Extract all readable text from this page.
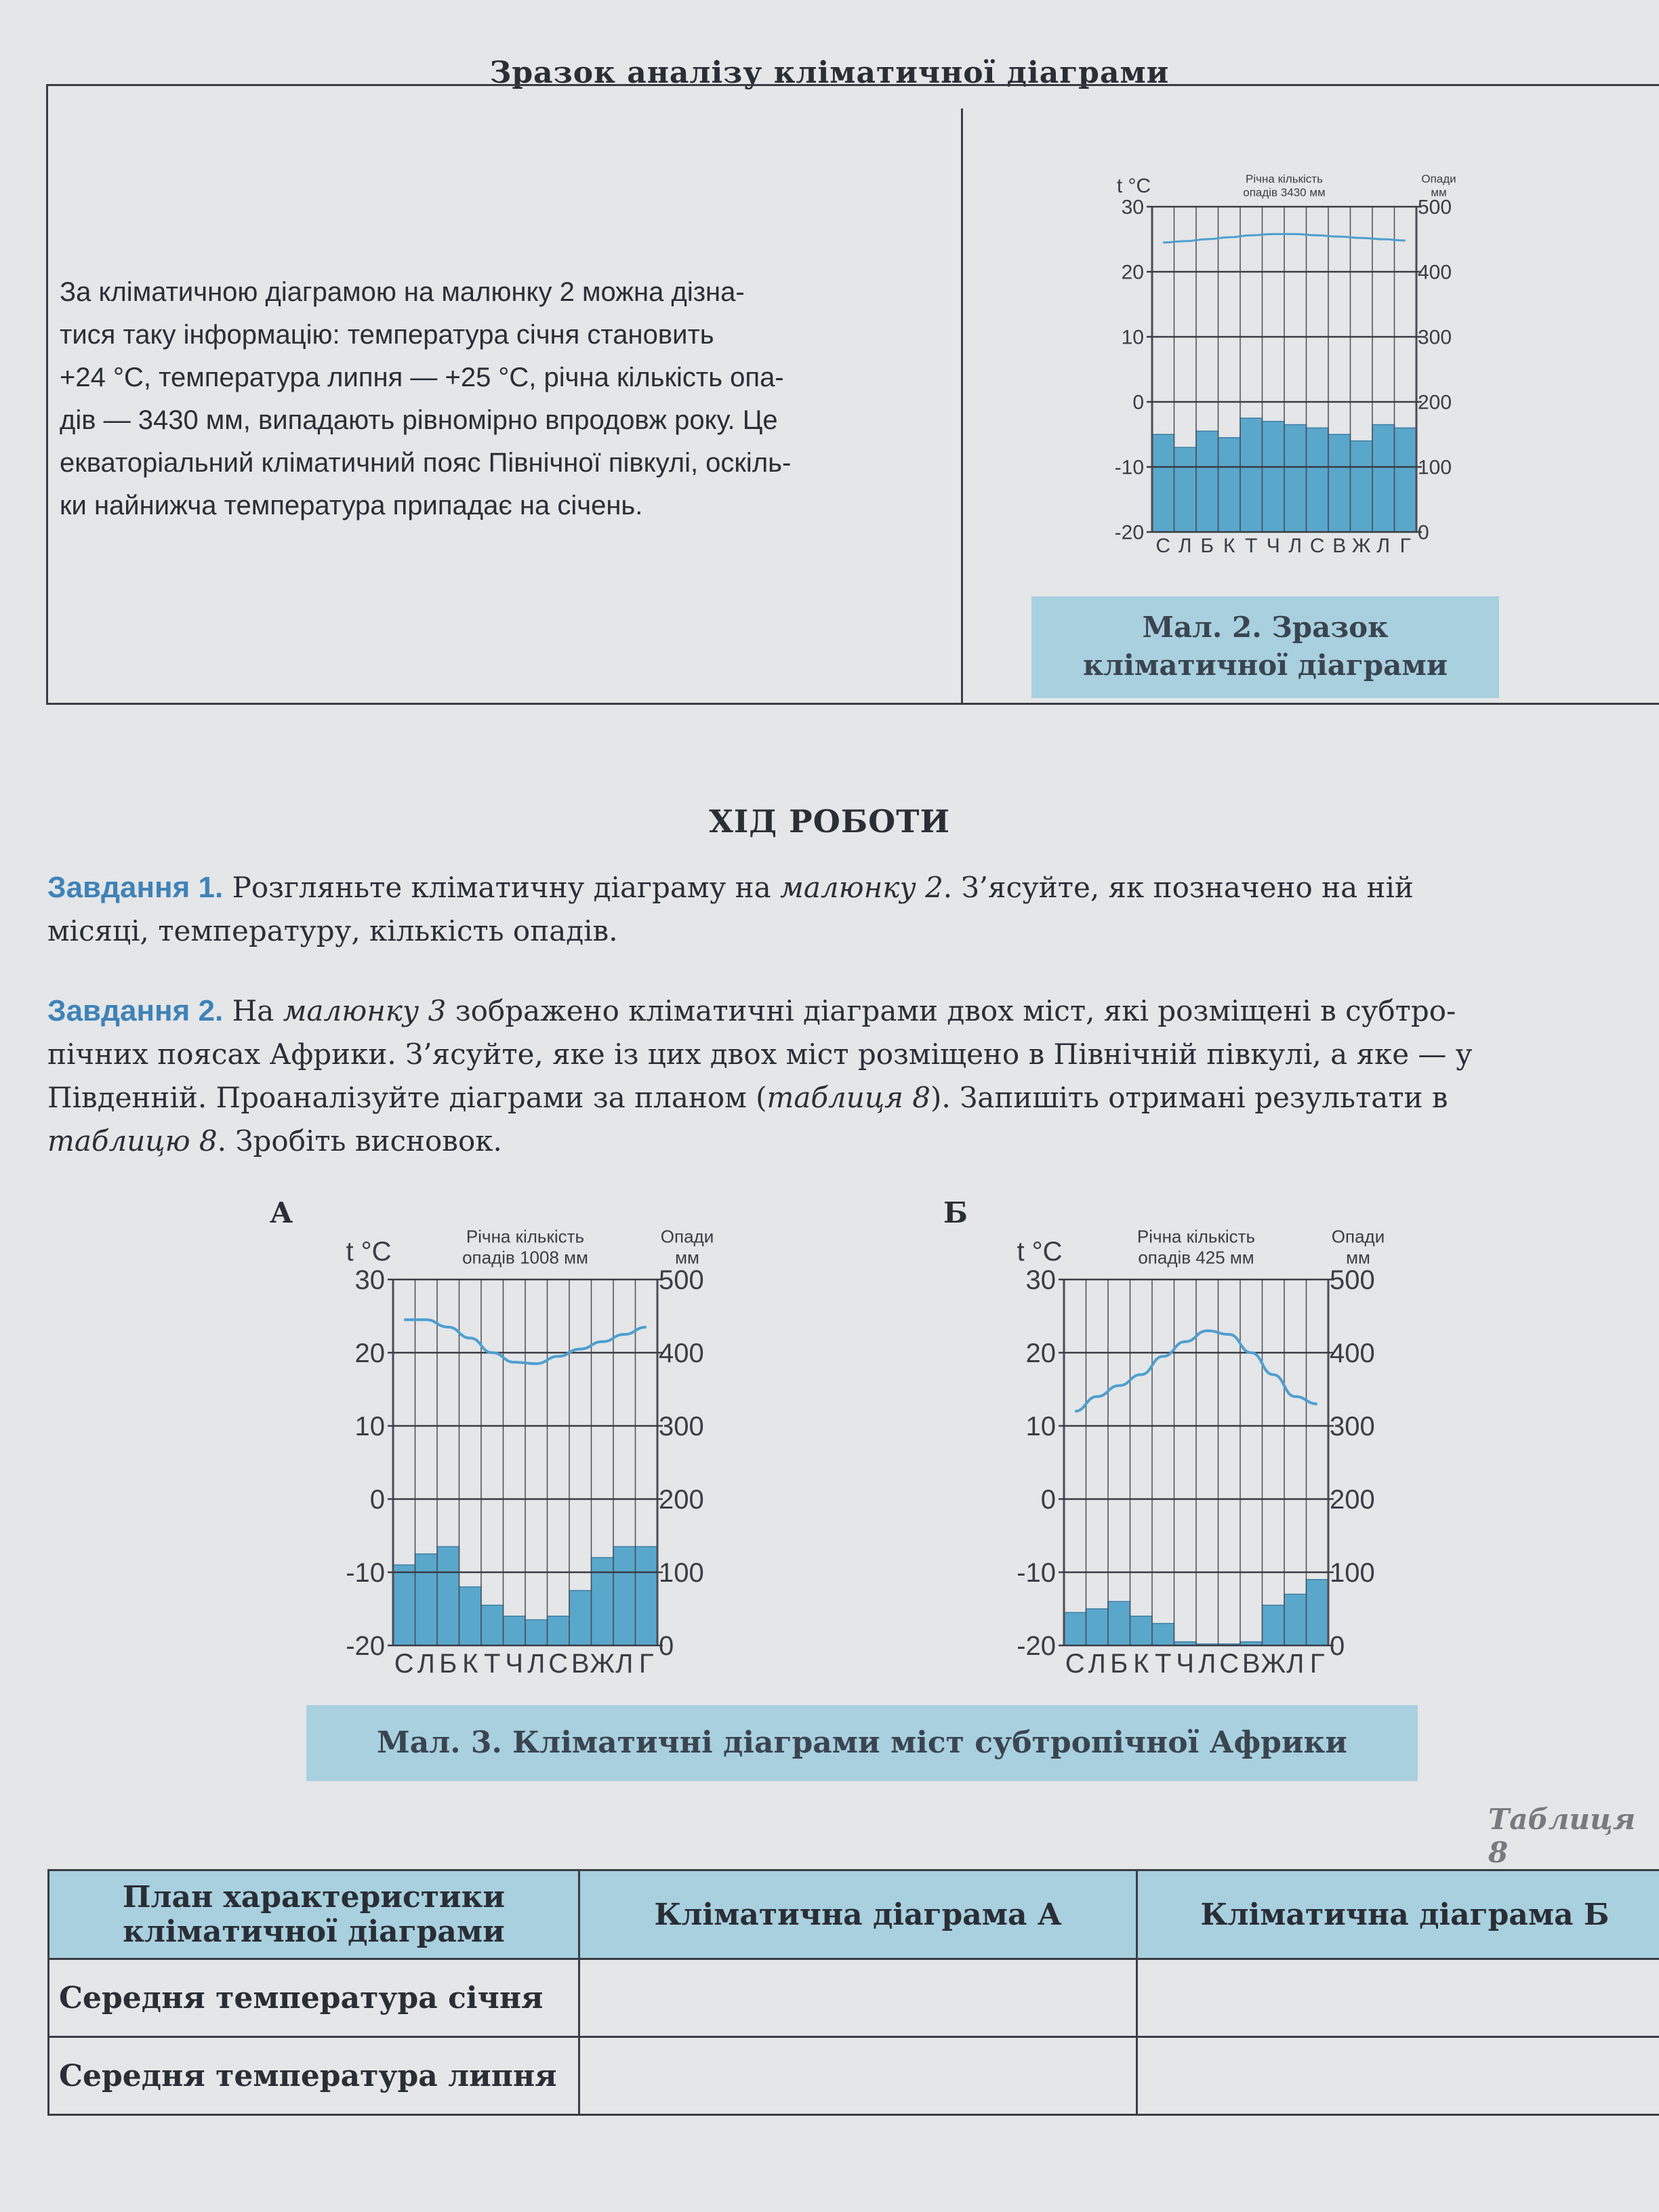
Зразок аналізу кліматичної діаграми

За кліматичною діаграмою на малюнку 2 можна дізна-

тися таку інформацію: температура січня становить

+24 °С, температура липня — +25 °С, річна кількість опа-

дів — 3430 мм, випадають рівномірно впродовж року. Це

екваторіальний кліматичний пояс Північної півкулі, оскіль-

ки найнижча температура припадає на січень.

t °C	Річна кількість
опадів 3430 мм
Опади
мм
30	500
20	400
10	300
0	200
-10	100
-20	0
С Л Б К Т Ч Л С В Ж Л Г
Мал. 2. Зразок
кліматичної діаграми
ХІД РОБОТИ
Завдання 1. Розгляньте кліматичну діаграму на малюнку 2. З’ясуйте, як позначено на ній
місяці, температуру, кількість опадів.
Завдання 2. На малюнку 3 зображено кліматичні діаграми двох міст, які розміщені в субтро-
пічних поясах Африки. З’ясуйте, яке із цих двох міст розміщено в Північній півкулі, а яке — у
Південній. Проаналізуйте діаграми за планом (таблиця 8). Запишіть отримані результати в
таблицю 8. Зробіть висновок.
А	Б
t °C
Річна кількість
опадів 1008 мм
Опади
мм
30	500
20	400
10	300
0	200
-10	100
-20	0
С Л Б К Т Ч Л С В Ж Л Г
t °C
Річна кількість
опадів 425 мм
Опади
мм
30	500
20	400
10	300
0	200
-10	100
-20	0
С Л Б К Т Ч Л С В Ж Л Г
Мал. 3. Кліматичні діаграми міст субтропічної Африки
Таблиця 8
План характеристики кліматичної діаграми	Кліматична діаграма А	Кліматична діаграма Б
Середня температура січня		
Середня температура липня		
